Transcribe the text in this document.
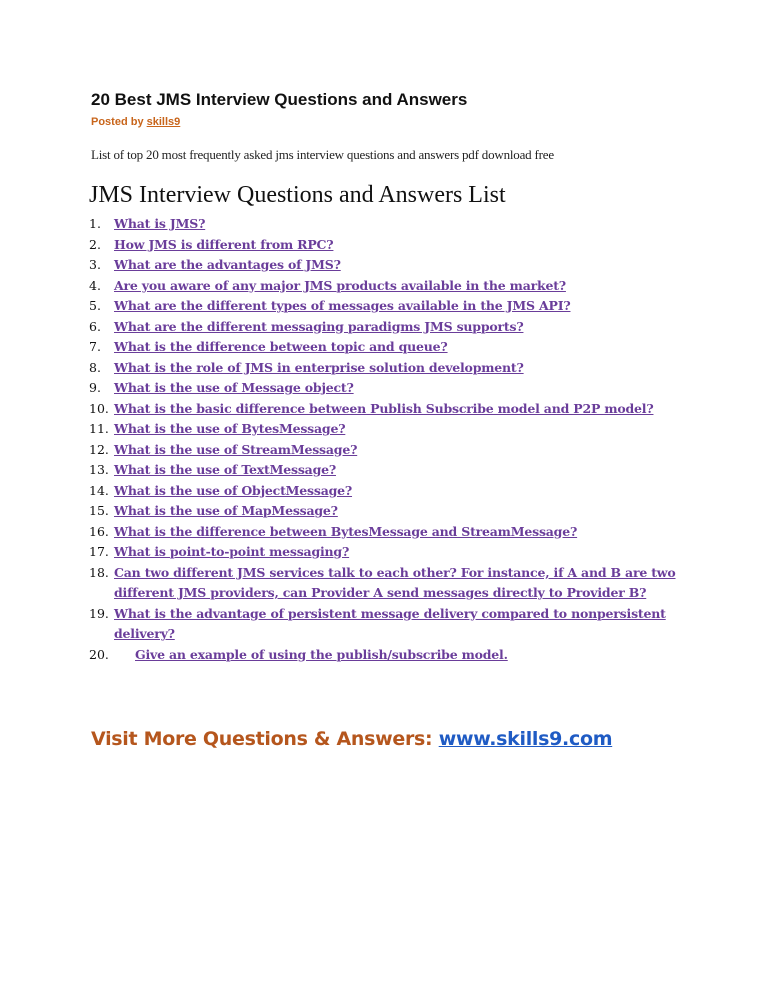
20 Best JMS Interview Questions and Answers
Posted by skills9
List of top 20 most frequently asked jms interview questions and answers pdf download free
JMS Interview Questions and Answers List
1.	What is JMS?
2.	How JMS is different from RPC?
3.	What are the advantages of JMS?
4.	Are you aware of any major JMS products available in the market?
5.	What are the different types of messages available in the JMS API?
6.	What are the different messaging paradigms JMS supports?
7.	What is the difference between topic and queue?
8.	What is the role of JMS in enterprise solution development?
9.	What is the use of Message object?
10. What is the basic difference between Publish Subscribe model and P2P model?
11. What is the use of BytesMessage?
12. What is the use of StreamMessage?
13. What is the use of TextMessage?
14. What is the use of ObjectMessage?
15. What is the use of MapMessage?
16. What is the difference between BytesMessage and StreamMessage?
17. What is point-to-point messaging?
18. Can two different JMS services talk to each other? For instance, if A and B are two different JMS providers, can Provider A send messages directly to Provider B?
19. What is the advantage of persistent message delivery compared to nonpersistent delivery?
20.	Give an example of using the publish/subscribe model.
Visit More Questions & Answers: www.skills9.com
